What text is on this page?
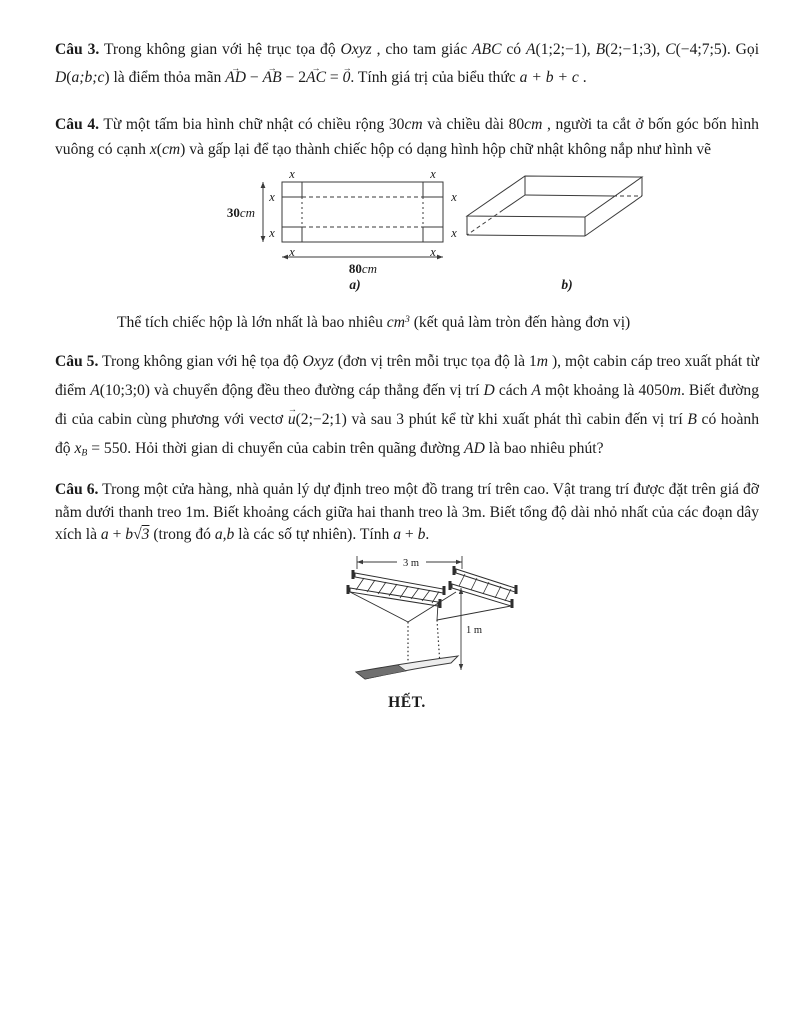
Câu 3. Trong không gian với hệ trục tọa độ Oxyz , cho tam giác ABC có A(1;2;−1), B(2;−1;3), C(−4;7;5). Gọi D(a;b;c) là điểm thỏa mãn → AD − → AB − 2→ AC = → 0. Tính giá trị của biểu thức a + b + c .

Câu 4. Từ một tấm bia hình chữ nhật có chiều rộng 30cm và chiều dài 80cm , người ta cắt ở bốn góc bốn hình vuông có cạnh x(cm) và gấp lại để tạo thành chiếc hộp có dạng hình hộp chữ nhật không nắp như hình vẽ

x	x
x
x
x
x
x	x
30cm
80cm
a)	b)

Thể tích chiếc hộp là lớn nhất là bao nhiêu $cm^3$ (kết quả làm tròn đến hàng đơn vị)

Câu 5. Trong không gian với hệ tọa độ Oxyz (đơn vị trên mỗi trục tọa độ là 1m ), một cabin cáp treo xuất phát từ điểm A(10;3;0) và chuyển động đều theo đường cáp thẳng đến vị trí D cách A một khoảng là 4050m. Biết đường đi của cabin cùng phương với vectơ → u(2;−2;1) và sau 3 phút kể từ khi xuất phát thì cabin đến vị trí B có hoành độ xB = 550. Hỏi thời gian di chuyển của cabin trên quãng đường AD là bao nhiêu phút?

Câu 6. Trong một cửa hàng, nhà quản lý dự định treo một đồ trang trí trên cao. Vật trang trí được đặt trên giá đỡ nằm dưới thanh treo 1m. Biết khoảng cách giữa hai thanh treo là 3m. Biết tổng độ dài nhỏ nhất của các đoạn dây xích là a + b√3 (trong đó a,b là các số tự nhiên). Tính a + b.

3 m
1 m

HẾT.
